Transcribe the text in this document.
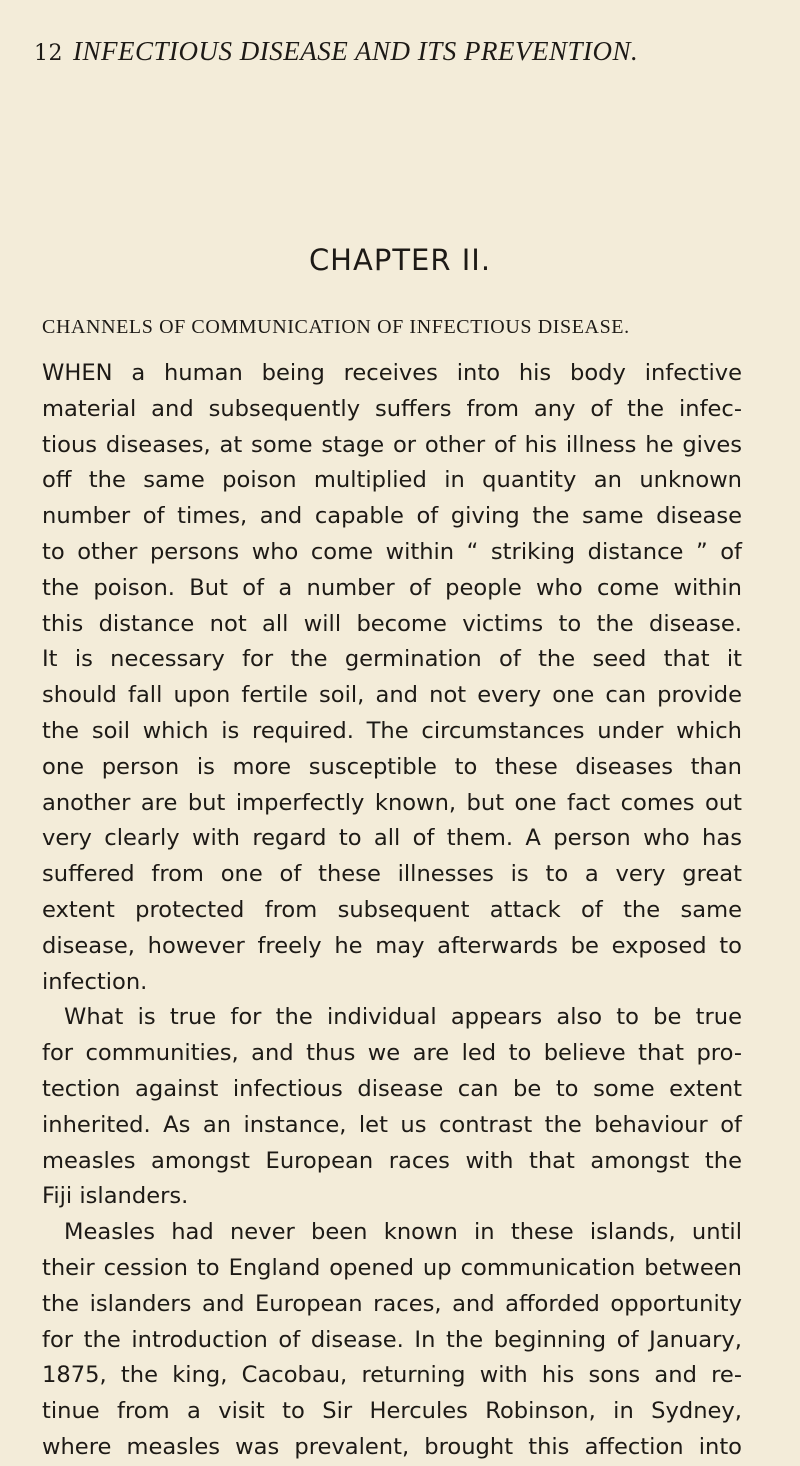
12 INFECTIOUS DISEASE AND ITS PREVENTION.
CHAPTER II.
CHANNELS OF COMMUNICATION OF INFECTIOUS DISEASE.
WHEN a human being receives into his body infective
material and subsequently suffers from any of the infec-
tious diseases, at some stage or other of his illness he gives
off the same poison multiplied in quantity an unknown
number of times, and capable of giving the same disease
to other persons who come within “ striking distance ” of
the poison. But of a number of people who come within
this distance not all will become victims to the disease.
It is necessary for the germination of the seed that it
should fall upon fertile soil, and not every one can provide
the soil which is required. The circumstances under which
one person is more susceptible to these diseases than
another are but imperfectly known, but one fact comes out
very clearly with regard to all of them. A person who has
suffered from one of these illnesses is to a very great
extent protected from subsequent attack of the same
disease, however freely he may afterwards be exposed to
infection.
What is true for the individual appears also to be true
for communities, and thus we are led to believe that pro-
tection against infectious disease can be to some extent
inherited. As an instance, let us contrast the behaviour of
measles amongst European races with that amongst the
Fiji islanders.
Measles had never been known in these islands, until
their cession to England opened up communication between
the islanders and European races, and afforded opportunity
for the introduction of disease. In the beginning of January,
1875, the king, Cacobau, returning with his sons and re-
tinue from a visit to Sir Hercules Robinson, in Sydney,
where measles was prevalent, brought this affection into
